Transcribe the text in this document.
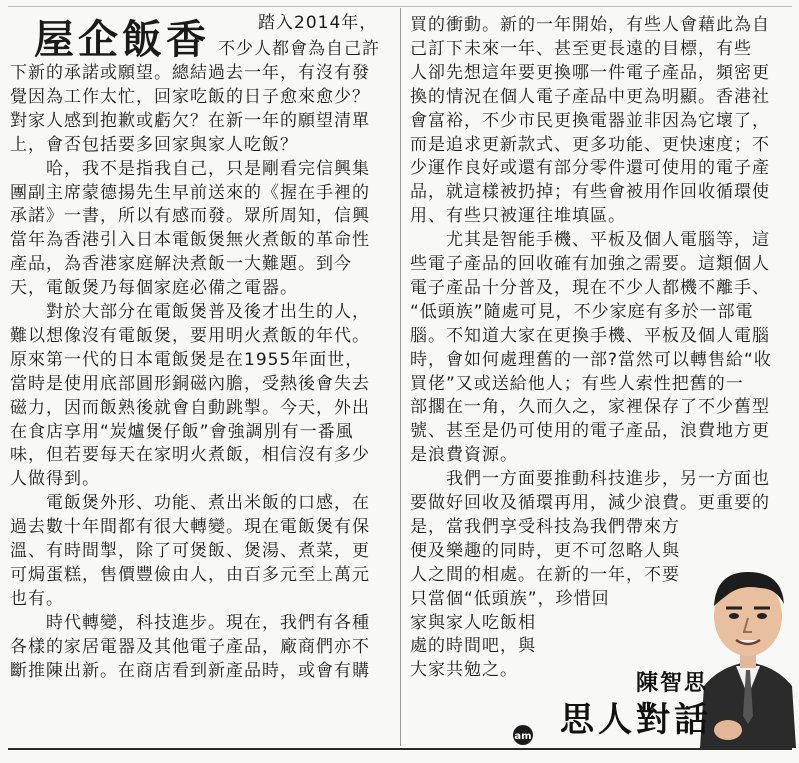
屋企飯香	踏入2014年，
不少人都會為自己許
下新的承諾或願望。總結過去一年，有沒有發
覺因為工作太忙，回家吃飯的日子愈來愈少？
對家人感到抱歉或虧欠？在新一年的願望清單
上，會否包括要多回家與家人吃飯？
　　哈，我不是指我自己，只是剛看完信興集
團副主席蒙德揚先生早前送來的《握在手裡的
承諾》一書，所以有感而發。眾所周知，信興
當年為香港引入日本電飯煲無火煮飯的革命性
產品，為香港家庭解決煮飯一大難題。到今
天，電飯煲乃每個家庭必備之電器。
　　對於大部分在電飯煲普及後才出生的人，
難以想像沒有電飯煲，要用明火煮飯的年代。
原來第一代的日本電飯煲是在1955年面世，
當時是使用底部圓形銅磁內膽，受熱後會失去
磁力，因而飯熟後就會自動跳掣。今天，外出
在食店享用“炭爐煲仔飯”會強調別有一番風
味，但若要每天在家明火煮飯，相信沒有多少
人做得到。
　　電飯煲外形、功能、煮出米飯的口感，在
過去數十年間都有很大轉變。現在電飯煲有保
溫、有時間掣，除了可煲飯、煲湯、煮菜，更
可焗蛋糕，售價豐儉由人，由百多元至上萬元
也有。
　　時代轉變，科技進步。現在，我們有各種
各樣的家居電器及其他電子產品，廠商們亦不
斷推陳出新。在商店看到新產品時，或會有購
買的衝動。新的一年開始，有些人會藉此為自
己訂下未來一年、甚至更長遠的目標，有些
人卻先想這年要更換哪一件電子產品，頻密更
換的情況在個人電子產品中更為明顯。香港社
會富裕，不少市民更換電器並非因為它壞了，
而是追求更新款式、更多功能、更快速度；不
少運作良好或還有部分零件還可使用的電子產
品，就這樣被扔掉；有些會被用作回收循環使
用、有些只被運往堆填區。
　　尤其是智能手機、平板及個人電腦等，這
些電子產品的回收確有加強之需要。這類個人
電子產品十分普及，現在不少人都機不離手、
“低頭族”隨處可見，不少家庭有多於一部電
腦。不知道大家在更換手機、平板及個人電腦
時，會如何處理舊的一部?當然可以轉售給“收
買佬”又或送給他人；有些人索性把舊的一
部擱在一角，久而久之，家裡保存了不少舊型
號、甚至是仍可使用的電子產品，浪費地方更
是浪費資源。
　　我們一方面要推動科技進步，另一方面也
要做好回收及循環再用，減少浪費。更重要的
是，當我們享受科技為我們帶來方
便及樂趣的同時，更不可忽略人與
人之間的相處。在新的一年，不要
只當個“低頭族”，珍惜回
家與家人吃飯相
處的時間吧，與
大家共勉之。
陳智思
思人對話
am
